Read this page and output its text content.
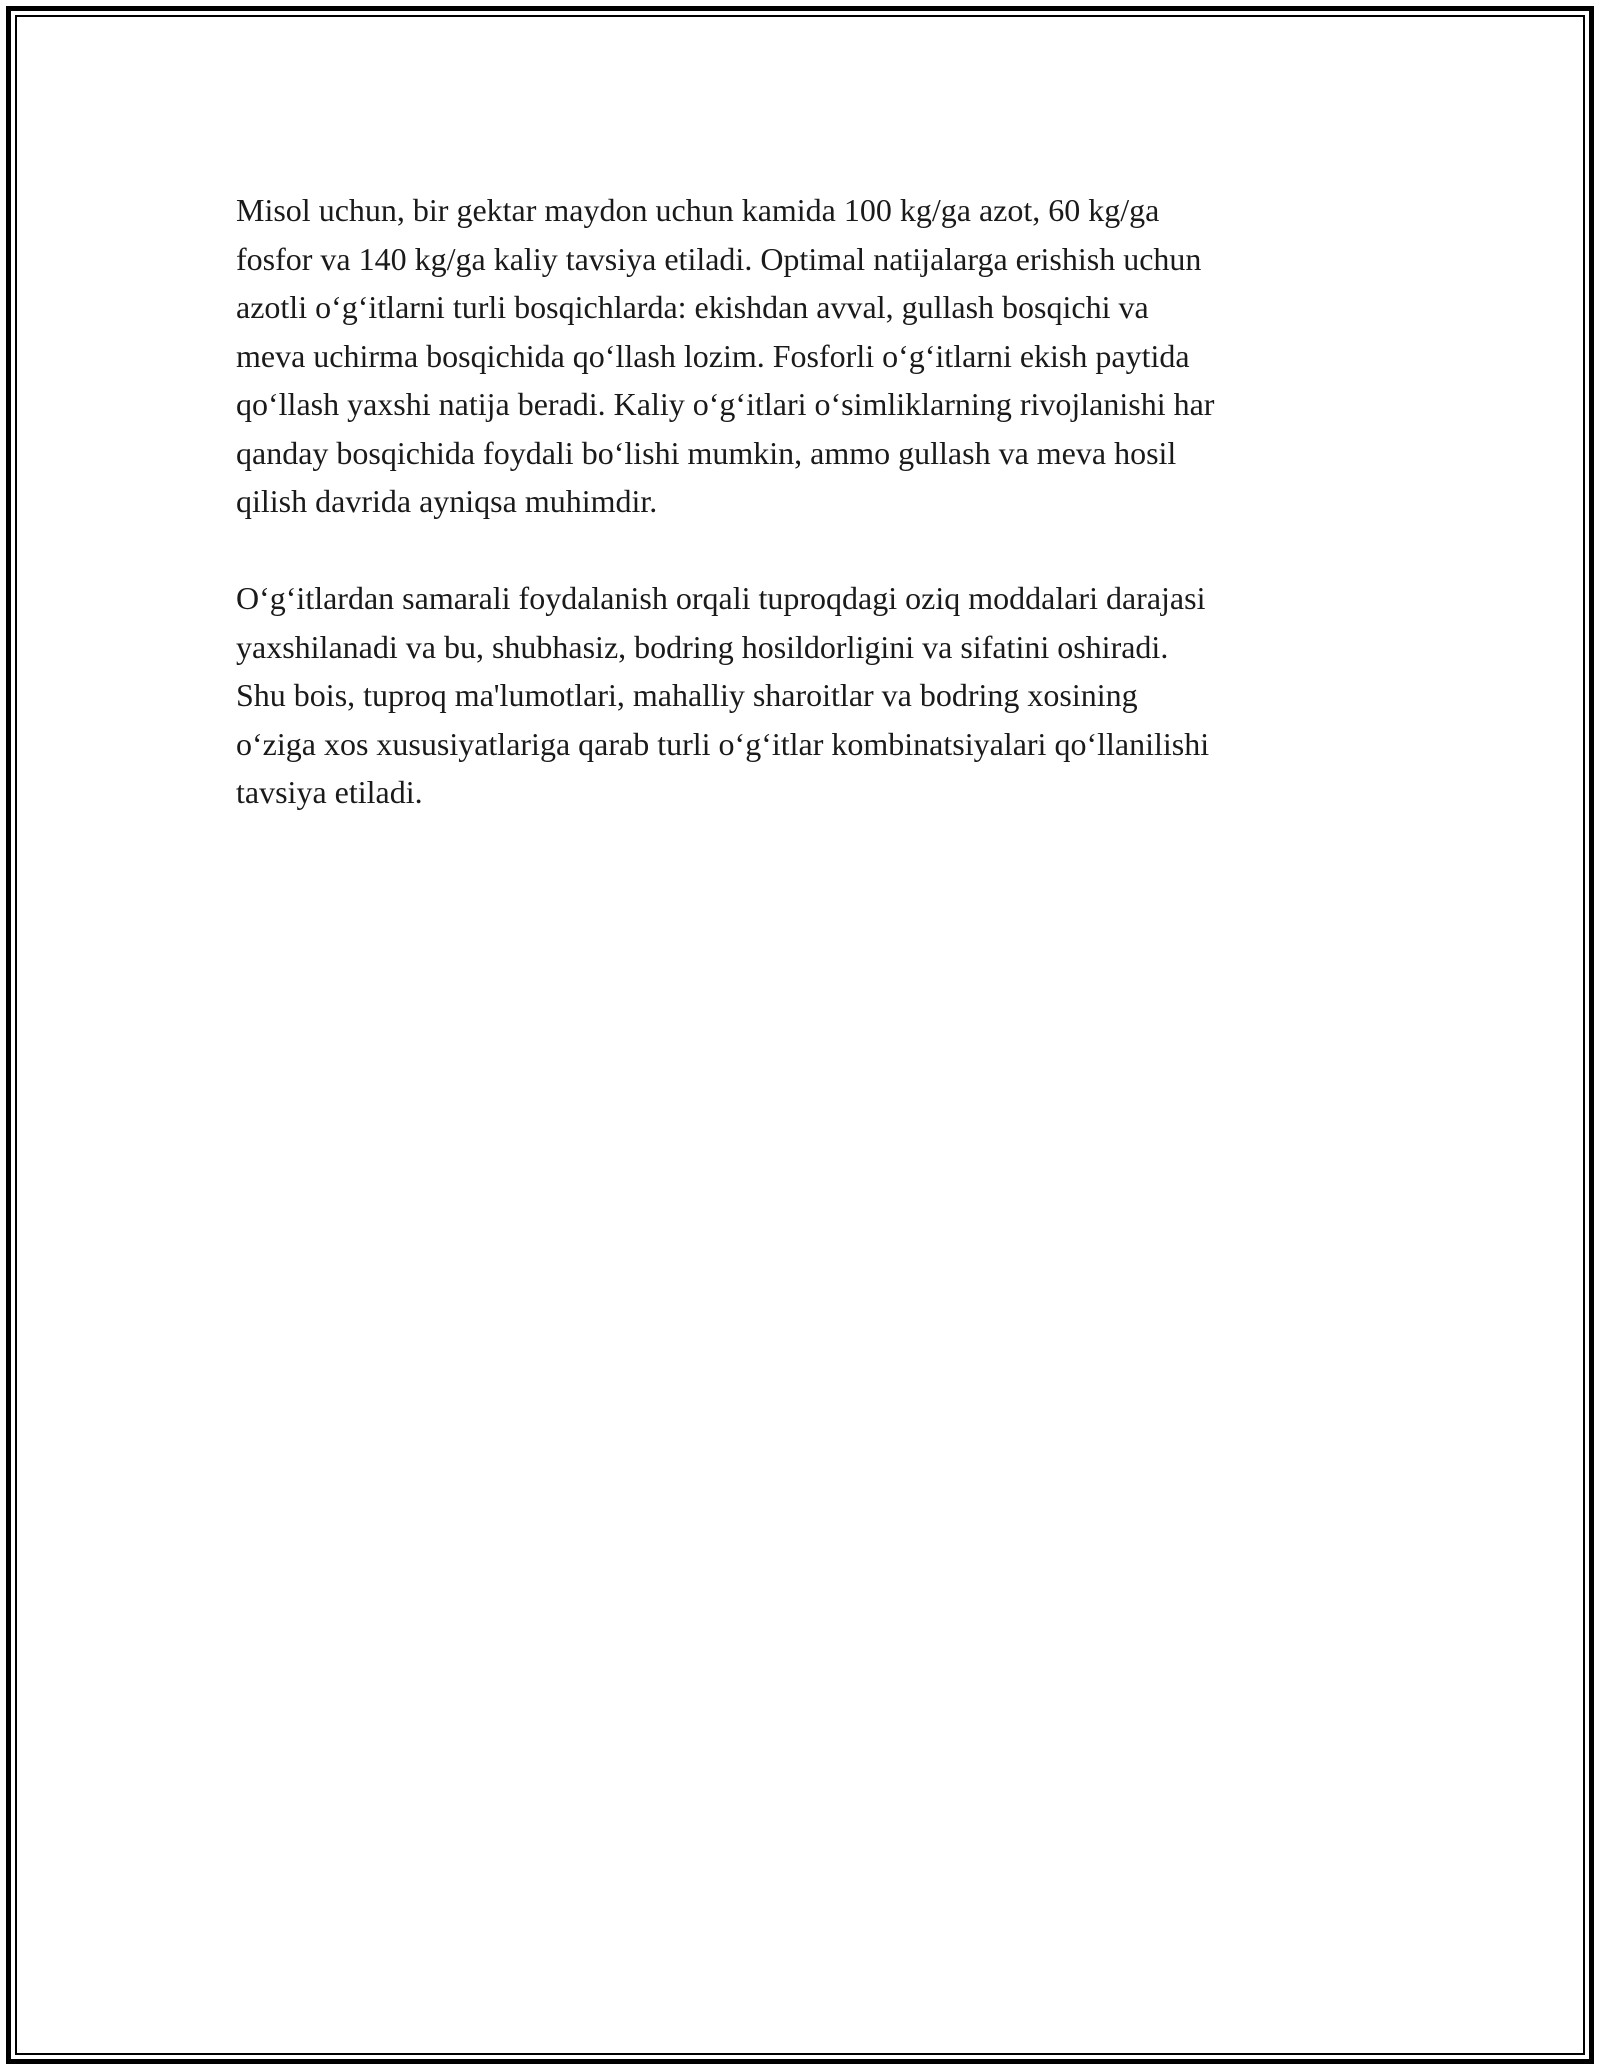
Misol uchun, bir gektar maydon uchun kamida 100 kg/ga azot, 60 kg/ga
fosfor va 140 kg/ga kaliy tavsiya etiladi. Optimal natijalarga erishish uchun
azotli o‘g‘itlarni turli bosqichlarda: ekishdan avval, gullash bosqichi va
meva uchirma bosqichida qo‘llash lozim. Fosforli o‘g‘itlarni ekish paytida
qo‘llash yaxshi natija beradi. Kaliy o‘g‘itlari o‘simliklarning rivojlanishi har
qanday bosqichida foydali bo‘lishi mumkin, ammo gullash va meva hosil
qilish davrida ayniqsa muhimdir.

O‘g‘itlardan samarali foydalanish orqali tuproqdagi oziq moddalari darajasi
yaxshilanadi va bu, shubhasiz, bodring hosildorligini va sifatini oshiradi.
Shu bois, tuproq ma'lumotlari, mahalliy sharoitlar va bodring xosining
o‘ziga xos xususiyatlariga qarab turli o‘g‘itlar kombinatsiyalari qo‘llanilishi
tavsiya etiladi.
